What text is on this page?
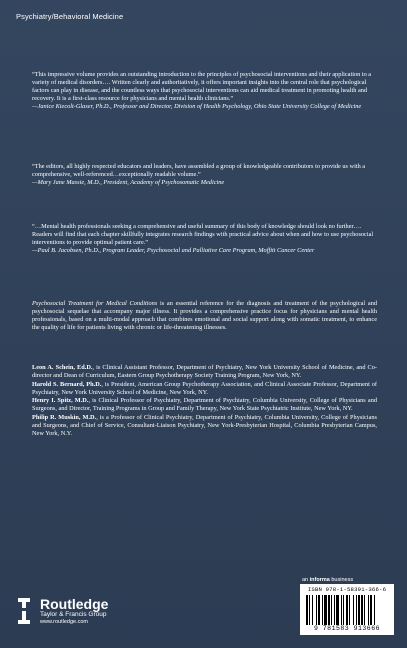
Psychiatry/Behavioral Medicine

“This impressive volume provides an outstanding introduction to the principles of psychosocial interventions and their application to a variety of medical disorders…. Written clearly and authoritatively, it offers important insights into the central role that psychological factors can play in disease, and the countless ways that psychosocial interventions can aid medical treatment in promoting health and recovery. It is a first-class resource for physicians and mental health clinicians.”

—Janice Kiecolt-Glaser, Ph.D., Professor and Director, Division of Health Psychology, Ohio State University College of Medicine

“The editors, all highly respected educators and leaders, have assembled a group of knowledgeable contributors to provide us with a comprehensive, well-referenced…exceptionally readable volume.”

—Mary Jane Massie, M.D., President, Academy of Psychosomatic Medicine

“…Mental health professionals seeking a comprehensive and useful summary of this body of knowledge should look no further…. Readers will find that each chapter skillfully integrates research findings with practical advice about when and how to use psychosocial interventions to provide optimal patient care.”

—Paul B. Jacobsen, Ph.D., Program Leader, Psychosocial and Palliative Care Program, Moffitt Cancer Center

Psychosocial Treatment for Medical Conditions is an essential reference for the diagnosis and treatment of the psychological and psychosocial sequelae that accompany major illness. It provides a comprehensive practice focus for physicians and mental health professionals, based on a multi-modal approach that combines emotional and social support along with somatic treatment, to enhance the quality of life for patients living with chronic or life-threatening illnesses.

Leon A. Schein, Ed.D., is Clinical Assistant Professor, Department of Psychiatry, New York University School of Medicine, and Co-director and Dean of Curriculum, Eastern Group Psychotherapy Society Training Program, New York, NY.

Harold S. Bernard, Ph.D., is President, American Group Psychotherapy Association, and Clinical Associate Professor, Department of Psychiatry, New York University School of Medicine, New York, NY.

Henry I. Spitz, M.D., is Clinical Professor of Psychiatry, Department of Psychiatry, Columbia University, College of Physicians and Surgeons, and Director, Training Programs in Group and Family Therapy, New York State Psychiatric Institute, New York, NY.

Philip R. Muskin, M.D., is a Professor of Clinical Psychiatry, Department of Psychiatry, Columbia University, College of Physicians and Surgeons, and Chief of Service, Consultant-Liaison Psychiatry, New York-Presbyterian Hospital, Columbia Presbyterian Campus, New York, N.Y.

Routledge
Taylor & Francis Group
www.routledge.com
an informa business
ISBN 978-1-58391-366-6
9 781583 913666
